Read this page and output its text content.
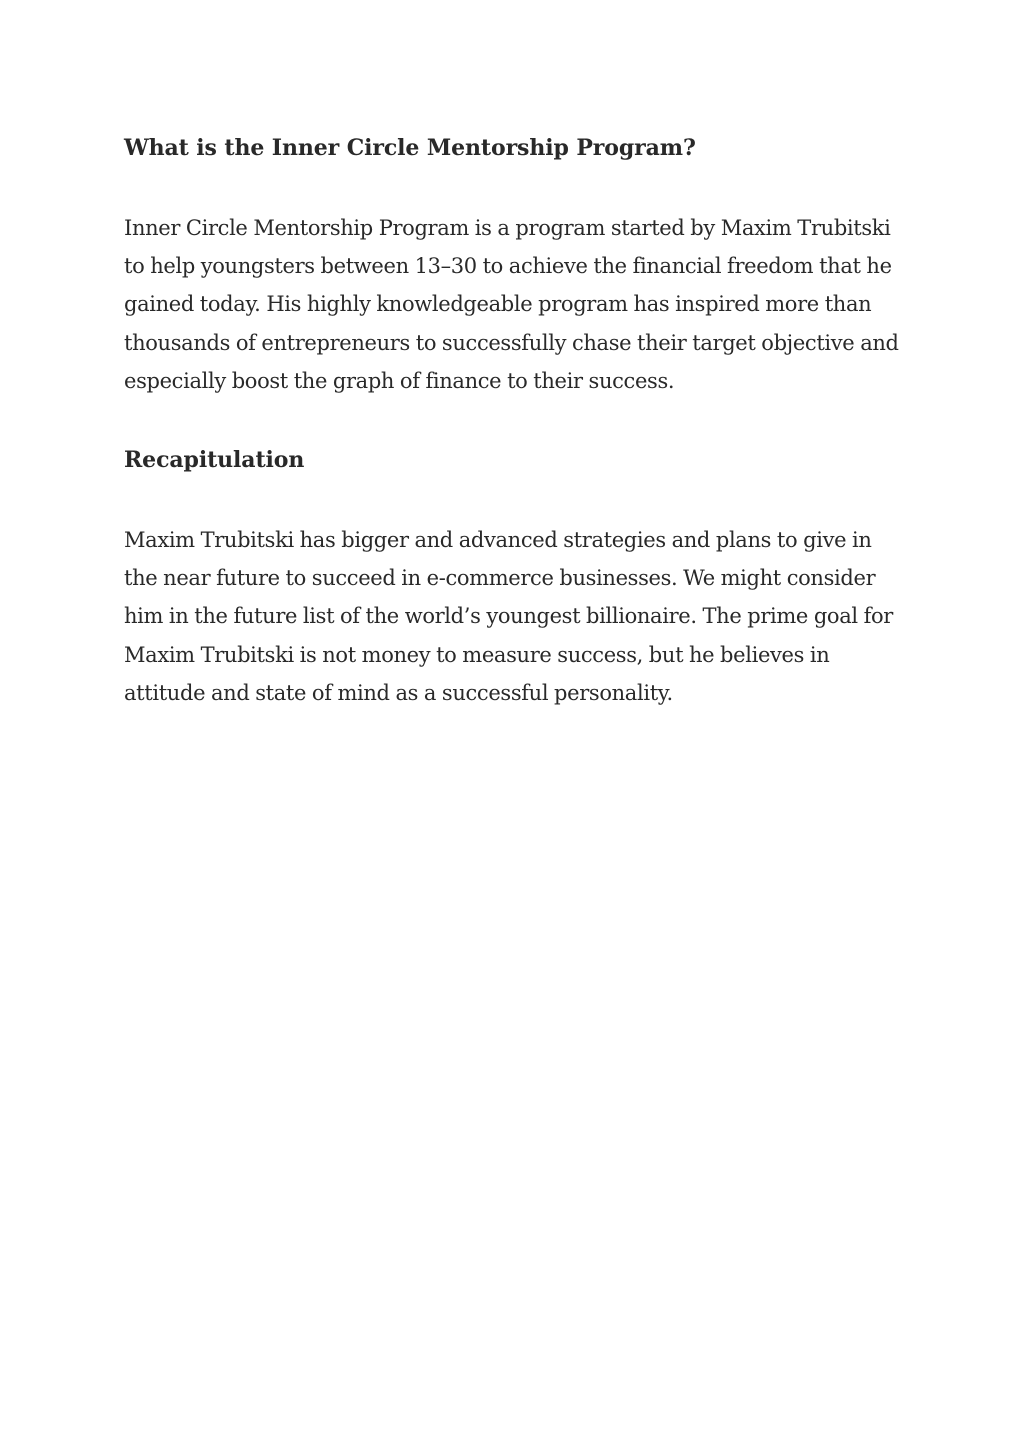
What is the Inner Circle Mentorship Program?

Inner Circle Mentorship Program is a program started by Maxim Trubitski to help youngsters between 13–30 to achieve the financial freedom that he gained today. His highly knowledgeable program has inspired more than thousands of entrepreneurs to successfully chase their target objective and especially boost the graph of finance to their success.

Recapitulation

Maxim Trubitski has bigger and advanced strategies and plans to give in the near future to succeed in e-commerce businesses. We might consider him in the future list of the world’s youngest billionaire. The prime goal for Maxim Trubitski is not money to measure success, but he believes in attitude and state of mind as a successful personality.
